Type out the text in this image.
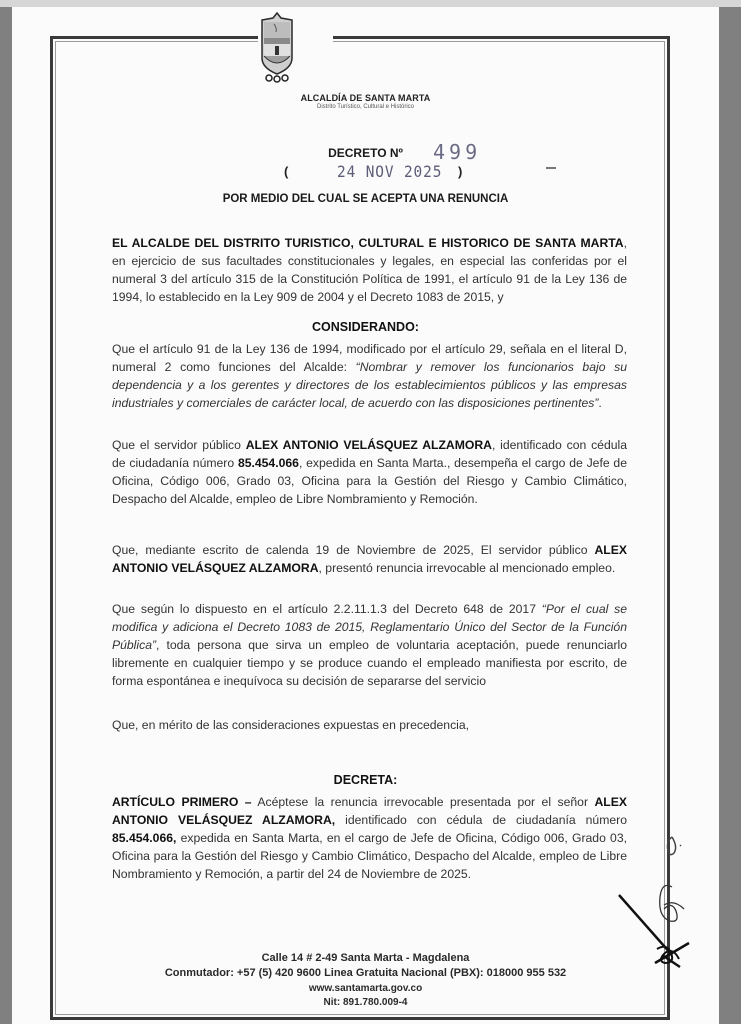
ALCALDÍA DE SANTA MARTA
Distrito Turístico, Cultural e Histórico
DECRETO Nº	499
(	24 NOV 2025 )
POR MEDIO DEL CUAL SE ACEPTA UNA RENUNCIA
EL ALCALDE DEL DISTRITO TURISTICO, CULTURAL E HISTORICO DE SANTA MARTA, en ejercicio de sus facultades constitucionales y legales, en especial las conferidas por el numeral 3 del artículo 315 de la Constitución Política de 1991, el artículo 91 de la Ley 136 de 1994, lo establecido en la Ley 909 de 2004 y el Decreto 1083 de 2015, y
CONSIDERANDO:
Que el artículo 91 de la Ley 136 de 1994, modificado por el artículo 29, señala en el literal D, numeral 2 como funciones del Alcalde: “Nombrar y remover los funcionarios bajo su dependencia y a los gerentes y directores de los establecimientos públicos y las empresas industriales y comerciales de carácter local, de acuerdo con las disposiciones pertinentes”.
Que el servidor público ALEX ANTONIO VELÁSQUEZ ALZAMORA, identificado con cédula de ciudadanía número 85.454.066, expedida en Santa Marta., desempeña el cargo de Jefe de Oficina, Código 006, Grado 03, Oficina para la Gestión del Riesgo y Cambio Climático, Despacho del Alcalde, empleo de Libre Nombramiento y Remoción.
Que, mediante escrito de calenda 19 de Noviembre de 2025, El servidor público ALEX ANTONIO VELÁSQUEZ ALZAMORA, presentó renuncia irrevocable al mencionado empleo.
Que según lo dispuesto en el artículo 2.2.11.1.3 del Decreto 648 de 2017 “Por el cual se modifica y adiciona el Decreto 1083 de 2015, Reglamentario Único del Sector de la Función Pública”, toda persona que sirva un empleo de voluntaria aceptación, puede renunciarlo libremente en cualquier tiempo y se produce cuando el empleado manifiesta por escrito, de forma espontánea e inequívoca su decisión de separarse del servicio
Que, en mérito de las consideraciones expuestas en precedencia,
DECRETA:
ARTÍCULO PRIMERO – Acéptese la renuncia irrevocable presentada por el señor ALEX ANTONIO VELÁSQUEZ ALZAMORA, identificado con cédula de ciudadanía número 85.454.066, expedida en Santa Marta, en el cargo de Jefe de Oficina, Código 006, Grado 03, Oficina para la Gestión del Riesgo y Cambio Climático, Despacho del Alcalde, empleo de Libre Nombramiento y Remoción, a partir del 24 de Noviembre de 2025.
Calle 14 # 2-49 Santa Marta - Magdalena
Conmutador: +57 (5) 420 9600 Linea Gratuita Nacional (PBX): 018000 955 532
www.santamarta.gov.co
Nit: 891.780.009-4
